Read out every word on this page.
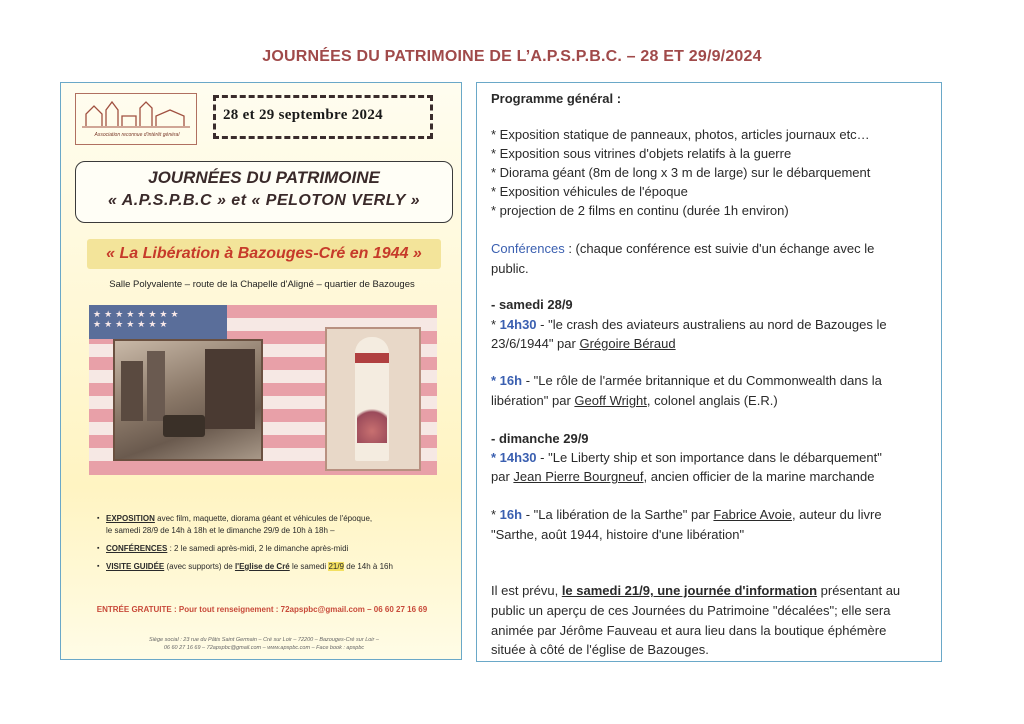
JOURNÉES DU PATRIMOINE DE L’A.P.S.P.B.C. – 28 ET 29/9/2024
Association reconnue d'intérêt général
28 et 29 septembre 2024
JOURNÉES DU PATRIMOINE
« A.P.S.P.B.C » et « PELOTON VERLY »
« La Libération à Bazouges-Cré en 1944 »
Salle Polyvalente – route de la Chapelle d'Aligné – quartier de Bazouges
★★★★★★★★
★★★★★★★
▪ EXPOSITION avec film, maquette, diorama géant et véhicules de l'époque,
le samedi 28/9 de 14h à 18h et le dimanche 29/9 de 10h à 18h –
▪ CONFÉRENCES : 2 le samedi après-midi, 2 le dimanche après-midi
▪ VISITE GUIDÉE (avec supports) de l'Eglise de Cré le samedi 21/9 de 14h à 16h
ENTRÉE GRATUITE : Pour tout renseignement : 72apspbc@gmail.com – 06 60 27 16 69
Siège social : 23 rue du Pâtis Saint Germain – Cré sur Loir – 72200 – Bazouges-Cré sur Loir –
06 60 27 16 69 – 72apspbc@gmail.com – www.apspbc.com – Face book : apspbc
Programme général :
* Exposition statique de panneaux, photos, articles journaux etc…
* Exposition sous vitrines d'objets relatifs à la guerre
* Diorama géant (8m de long x 3 m de large) sur le débarquement
* Exposition véhicules de l'époque
* projection de 2 films en continu (durée 1h environ)
Conférences : (chaque conférence est suivie d'un échange avec le
public.
- samedi 28/9
* 14h30 - "le crash des aviateurs australiens au nord de Bazouges le
23/6/1944" par Grégoire Béraud
* 16h - "Le rôle de l'armée britannique et du Commonwealth dans la
libération" par Geoff Wright, colonel anglais (E.R.)
- dimanche 29/9
* 14h30 - "Le Liberty ship et son importance dans le débarquement"
par Jean Pierre Bourgneuf, ancien officier de la marine marchande
* 16h - "La libération de la Sarthe" par Fabrice Avoie, auteur du livre
"Sarthe, août 1944, histoire d'une libération"
Il est prévu, le samedi 21/9, une journée d'information présentant au
public un aperçu de ces Journées du Patrimoine "décalées"; elle sera
animée par Jérôme Fauveau et aura lieu dans la boutique éphémère
située à côté de l'église de Bazouges.
